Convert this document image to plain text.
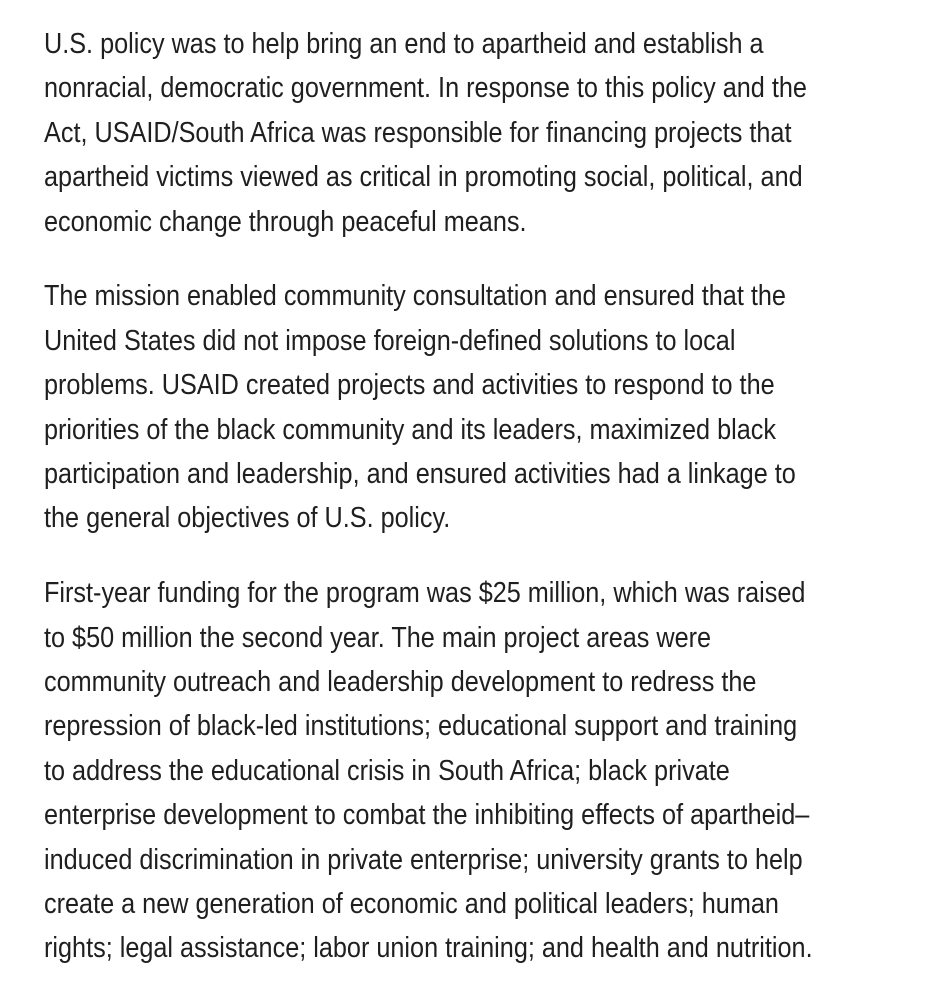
U.S. policy was to help bring an end to apartheid and establish a
nonracial, democratic government. In response to this policy and the
Act, USAID/South Africa was responsible for financing projects that
apartheid victims viewed as critical in promoting social, political, and
economic change through peaceful means.

The mission enabled community consultation and ensured that the
United States did not impose foreign-defined solutions to local
problems. USAID created projects and activities to respond to the
priorities of the black community and its leaders, maximized black
participation and leadership, and ensured activities had a linkage to
the general objectives of U.S. policy.

First-year funding for the program was $25 million, which was raised
to $50 million the second year. The main project areas were
community outreach and leadership development to redress the
repression of black-led institutions; educational support and training
to address the educational crisis in South Africa; black private
enterprise development to combat the inhibiting effects of apartheid–
induced discrimination in private enterprise; university grants to help
create a new generation of economic and political leaders; human
rights; legal assistance; labor union training; and health and nutrition.
